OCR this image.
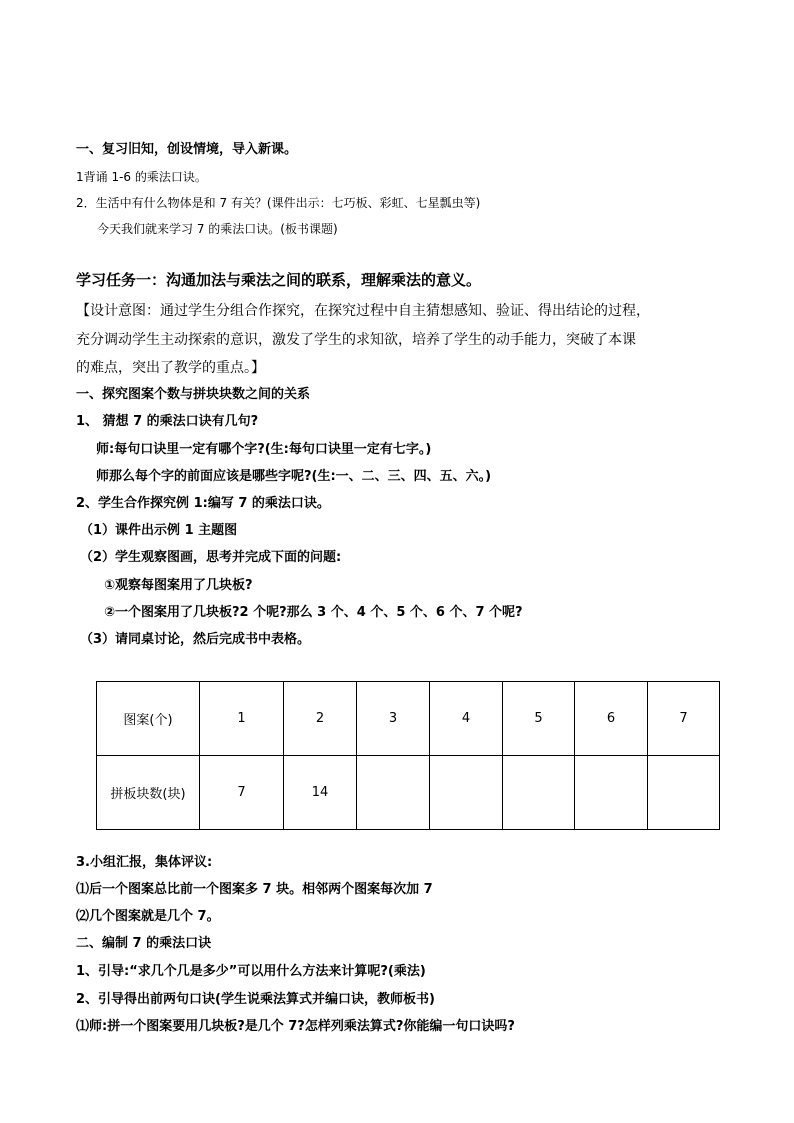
一、复习旧知，创设情境，导入新课。
1背诵 1-6 的乘法口诀。
2．生活中有什么物体是和 7 有关？(课件出示：七巧板、彩虹、七星瓢虫等)
今天我们就来学习 7 的乘法口诀。(板书课题)
学习任务一：沟通加法与乘法之间的联系，理解乘法的意义。
【设计意图：通过学生分组合作探究，在探究过程中自主猜想感知、验证、得出结论的过程，
充分调动学生主动探索的意识，激发了学生的求知欲，培养了学生的动手能力，突破了本课
的难点，突出了教学的重点。】
一、探究图案个数与拼块块数之间的关系
1、 猜想 7 的乘法口诀有几句?
师:每句口诀里一定有哪个字?(生:每句口诀里一定有七字。)
师那么每个字的前面应该是哪些字呢?(生:一、二、三、四、五、六。)
2、学生合作探究例 1:编写 7 的乘法口诀。
（1）课件出示例 1 主题图
（2）学生观察图画，思考并完成下面的问题:
①观察每图案用了几块板?
②一个图案用了几块板?2 个呢?那么 3 个、4 个、5 个、6 个、7 个呢?
（3）请同桌讨论，然后完成书中表格。
图案(个)	1	2	3	4	5	6	7
拼板块数(块)	7	14					
3.小组汇报，集体评议:
⑴后一个图案总比前一个图案多 7 块。相邻两个图案每次加 7
⑵几个图案就是几个 7。
二、编制 7 的乘法口诀
1、引导:“求几个几是多少”可以用什么方法来计算呢?(乘法)
2、引导得出前两句口诀(学生说乘法算式并编口诀，教师板书)
⑴师:拼一个图案要用几块板?是几个 7?怎样列乘法算式?你能编一句口诀吗?
